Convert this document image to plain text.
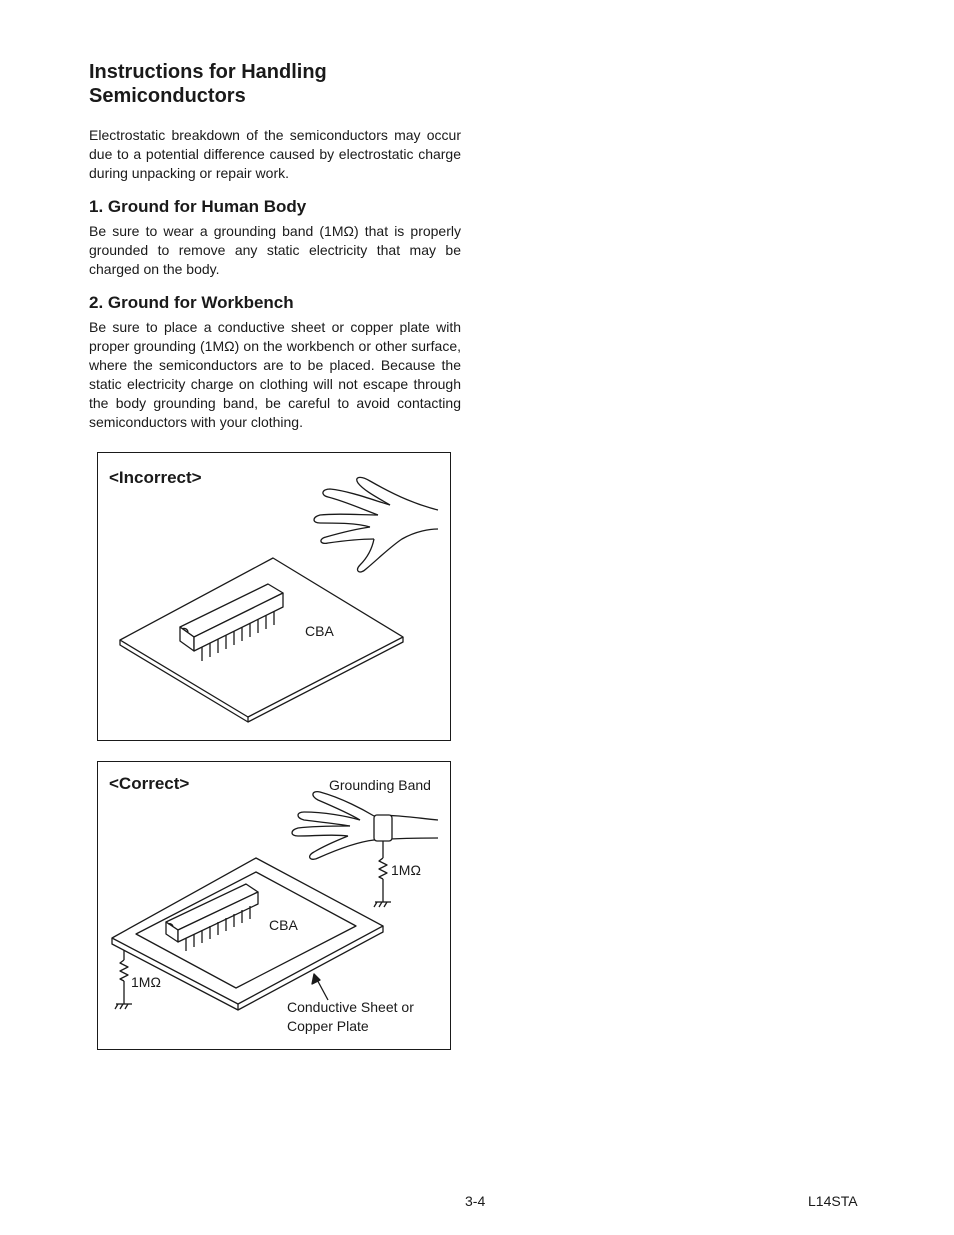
Instructions for Handling Semiconductors

Electrostatic breakdown of the semiconductors may occur due to a potential difference caused by electrostatic charge during unpacking or repair work.

1. Ground for Human Body

Be sure to wear a grounding band (1MΩ) that is properly grounded to remove any static electricity that may be charged on the body.

2. Ground for Workbench

Be sure to place a conductive sheet or copper plate with proper grounding (1MΩ) on the workbench or other surface, where the semiconductors are to be placed. Because the static electricity charge on clothing will not escape through the body grounding band, be careful to avoid contacting semiconductors with your clothing.

<Incorrect>
CBA
<Correct>	Grounding Band
1MΩ
CBA
1MΩ
Conductive Sheet or
Copper Plate
3-4	L14STA
